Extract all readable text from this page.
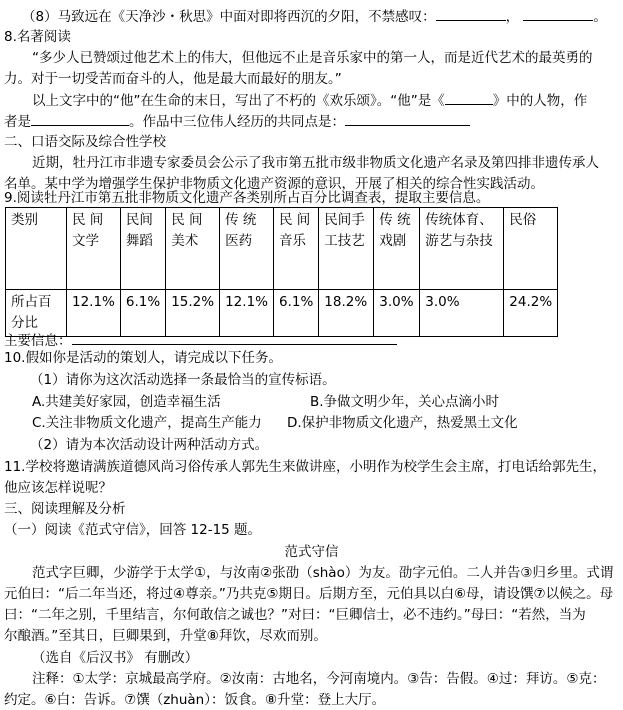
（8）马致远在《天净沙・秋思》中面对即将西沉的夕阳，不禁感叹：	，	。
8.名著阅读
“多少人已赞颂过他艺术上的伟大，但他远不止是音乐家中的第一人，而是近代艺术的最英勇的
力。对于一切受苦而奋斗的人，他是最大而最好的朋友。”
以上文字中的“他”在生命的末日，写出了不朽的《欢乐颂》。“他”是《	》中的人物，作
者是	。作品中三位伟人经历的共同点是：
二、口语交际及综合性学校
近期，牡丹江市非遗专家委员会公示了我市第五批市级非物质文化遗产名录及第四排非遗传承人
名单。某中学为增强学生保护非物质文化遗产资源的意识，开展了相关的综合性实践活动。
9.阅读牡丹江市第五批非物质文化遗产各类别所占百分比调查表，提取主要信息。
类别	民 间文学	民间舞蹈	民 间美术	传 统医药	民 间音乐	民间手工技艺	传 统戏剧	传统体育、游艺与杂技	民俗
所占百分比	12.1%	6.1%	15.2%	12.1%	6.1%	18.2%	3.0%	3.0%	24.2%
主要信息：
10.假如你是活动的策划人，请完成以下任务。
（1）请你为这次活动选择一条最恰当的宣传标语。
A.共建美好家园，创造幸福生活	B.争做文明少年，关心点滴小时
C.关注非物质文化遗产，提高生产能力 D.保护非物质文化遗产，热爱黑土文化
（2）请为本次活动设计两种活动方式。
11.学校将邀请满族道德风尚习俗传承人郭先生来做讲座，小明作为校学生会主席，打电话给郭先生，
他应该怎样说呢？
三、阅读理解及分析
（一）阅读《范式守信》，回答 12-15 题。
范式守信
范式字巨卿，少游学于太学①，与汝南②张劭（shào）为友。劭字元伯。二人并告③归乡里。式谓
元伯曰：“后二年当还，将过④尊亲。”乃共克⑤期日。后期方至，元伯具以白⑥母，请设馔⑦以候之。母
曰：“二年之别，千里结言，尔何敢信之诚也？”对曰：“巨卿信士，必不违约。”母曰：“若然，当为
尔酿酒。”至其日，巨卿果到，升堂⑧拜饮，尽欢而别。
（选自《后汉书》 有删改）
注释：①太学：京城最高学府。②汝南：古地名，今河南境内。③告：告假。④过：拜访。⑤克：
约定。⑥白：告诉。⑦馔（zhuàn）：饭食。⑧升堂：登上大厅。
